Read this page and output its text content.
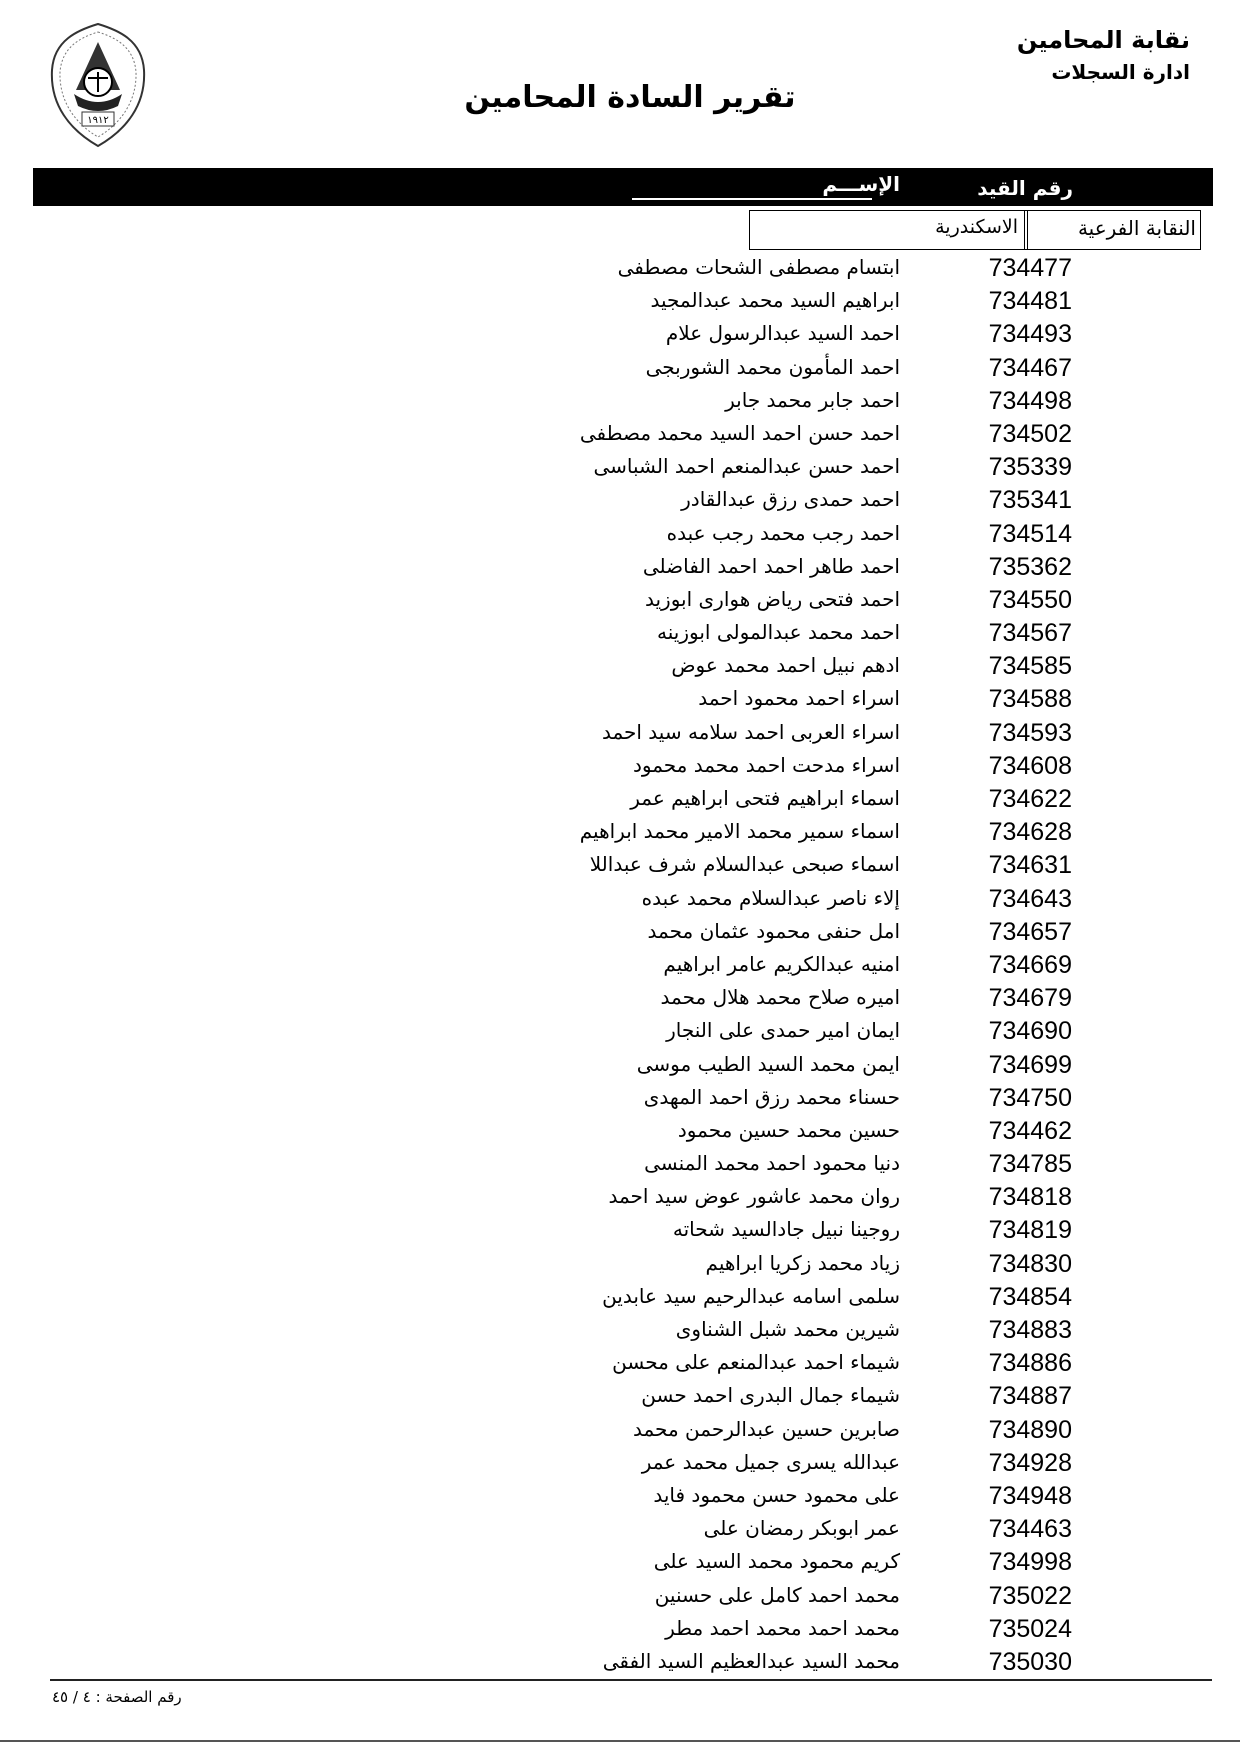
١٩١٢
نقابة المحامين
ادارة السجلات
تقرير السادة المحامين
رقم القيد
الإســـم
النقابة الفرعية
الاسكندرية
734477
ابتسام مصطفى الشحات مصطفى
734481
ابراهيم السيد محمد عبدالمجيد
734493
احمد السيد عبدالرسول علام
734467
احمد المأمون محمد الشوربجى
734498
احمد جابر محمد جابر
734502
احمد حسن احمد السيد محمد مصطفى
735339
احمد حسن عبدالمنعم احمد الشباسى
735341
احمد حمدى رزق عبدالقادر
734514
احمد رجب محمد رجب عبده
735362
احمد طاهر احمد احمد الفاضلى
734550
احمد فتحى رياض هوارى ابوزيد
734567
احمد محمد عبدالمولى ابوزينه
734585
ادهم نبيل احمد محمد عوض
734588
اسراء احمد محمود احمد
734593
اسراء العربى احمد سلامه سيد احمد
734608
اسراء مدحت احمد محمد محمود
734622
اسماء ابراهيم فتحى ابراهيم عمر
734628
اسماء سمير محمد الامير محمد ابراهيم
734631
اسماء صبحى عبدالسلام شرف عبداللا
734643
إلاء ناصر عبدالسلام محمد عبده
734657
امل حنفى محمود عثمان محمد
734669
امنيه عبدالكريم عامر ابراهيم
734679
اميره صلاح محمد هلال محمد
734690
ايمان امير حمدى على النجار
734699
ايمن محمد السيد الطيب موسى
734750
حسناء محمد رزق احمد المهدى
734462
حسين محمد حسين محمود
734785
دنيا محمود احمد محمد المنسى
734818
روان محمد عاشور عوض سيد احمد
734819
روجينا نبيل جادالسيد شحاته
734830
زياد محمد زكريا ابراهيم
734854
سلمى اسامه عبدالرحيم سيد عابدين
734883
شيرين محمد شبل الشناوى
734886
شيماء احمد عبدالمنعم على محسن
734887
شيماء جمال البدرى احمد حسن
734890
صابرين حسين عبدالرحمن محمد
734928
عبدالله يسرى جميل محمد عمر
734948
على محمود حسن محمود فايد
734463
عمر ابوبكر رمضان على
734998
كريم محمود محمد السيد على
735022
محمد احمد كامل على حسنين
735024
محمد احمد محمد احمد مطر
735030
محمد السيد عبدالعظيم السيد الفقى
رقم الصفحة : ٤ / ٤٥
